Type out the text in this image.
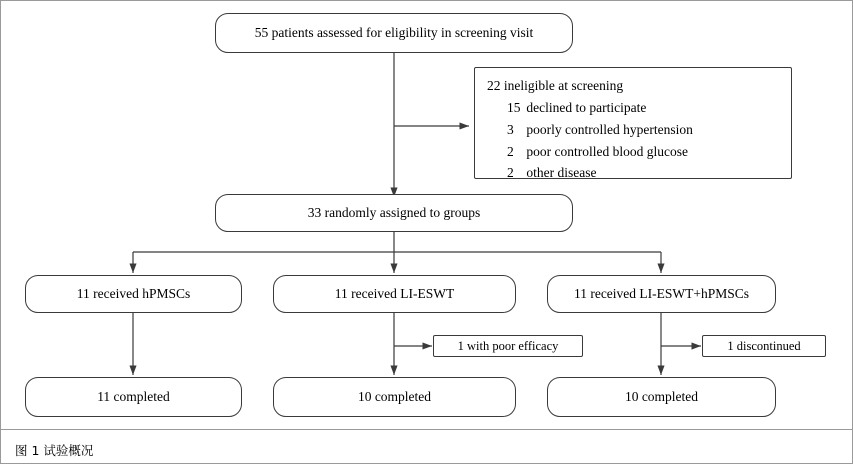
55 patients assessed for eligibility in screening visit
22 ineligible at screening
15 declined to participate
3 poorly controlled hypertension
2 poor controlled blood glucose
2 other disease
33 randomly assigned to groups
11 received hPMSCs	11 received LI-ESWT	11 received LI-ESWT+hPMSCs
1 with poor efficacy	1 discontinued
11 completed	10 completed	10 completed
图 1 试验概况
